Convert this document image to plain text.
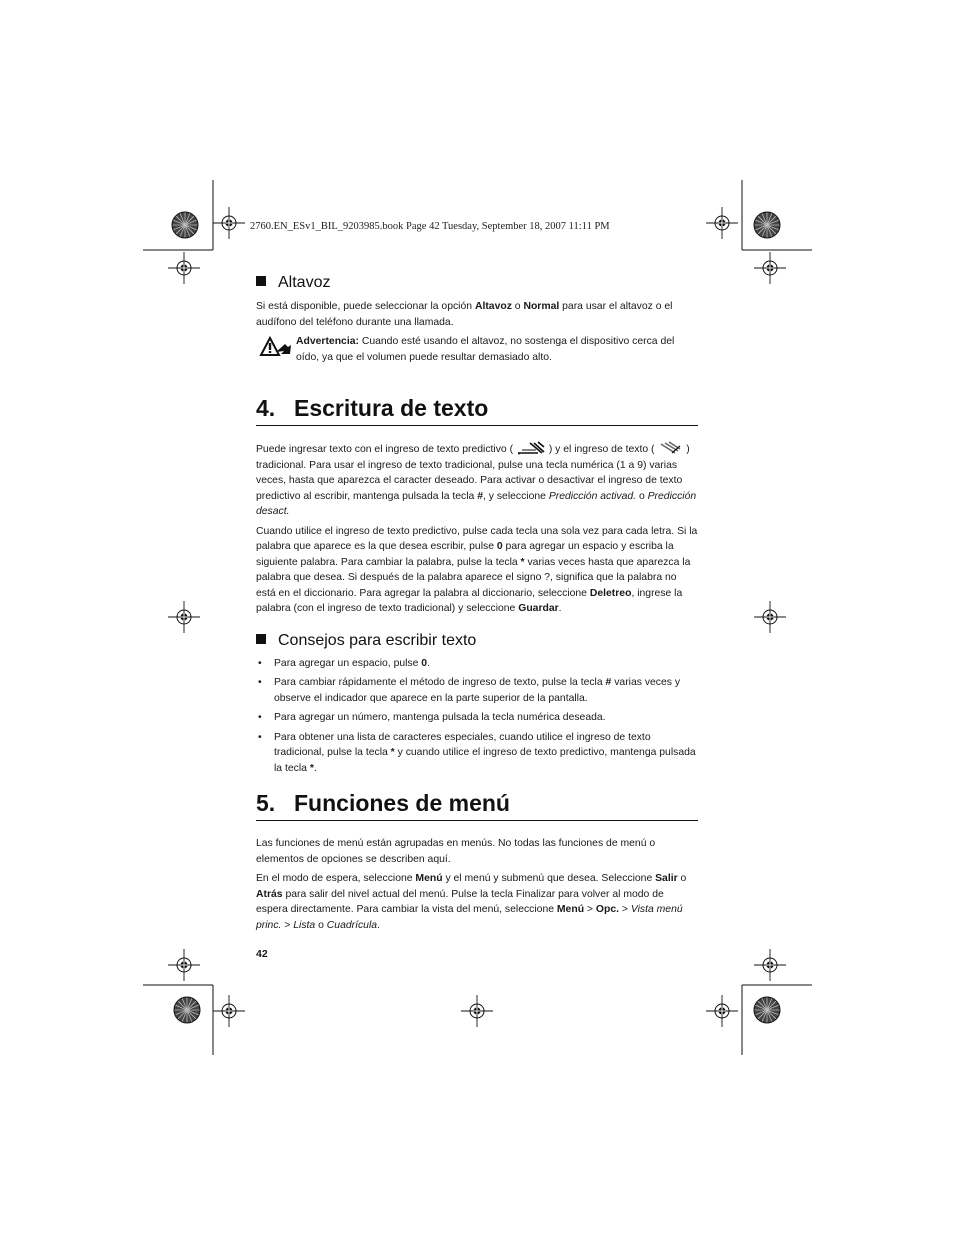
2760.EN_ESv1_BIL_9203985.book Page 42 Tuesday, September 18, 2007 11:11 PM
Altavoz

Si está disponible, puede seleccionar la opción Altavoz o Normal para usar el altavoz o el audífono del teléfono durante una llamada.

Advertencia: Cuando esté usando el altavoz, no sostenga el dispositivo cerca del oído, ya que el volumen puede resultar demasiado alto.

4. Escritura de texto

Puede ingresar texto con el ingreso de texto predictivo (	) y el ingreso de texto (	) tradicional. Para usar el ingreso de texto tradicional, pulse una tecla numérica (1 a 9) varias veces, hasta que aparezca el caracter deseado. Para activar o desactivar el ingreso de texto predictivo al escribir, mantenga pulsada la tecla #, y seleccione Predicción activad. o Predicción desact.

Cuando utilice el ingreso de texto predictivo, pulse cada tecla una sola vez para cada letra. Si la palabra que aparece es la que desea escribir, pulse 0 para agregar un espacio y escriba la siguiente palabra. Para cambiar la palabra, pulse la tecla * varias veces hasta que aparezca la palabra que desea. Si después de la palabra aparece el signo ?, significa que la palabra no está en el diccionario. Para agregar la palabra al diccionario, seleccione Deletreo, ingrese la palabra (con el ingreso de texto tradicional) y seleccione Guardar.

Consejos para escribir texto
• Para agregar un espacio, pulse 0.
• Para cambiar rápidamente el método de ingreso de texto, pulse la tecla # varias veces y observe el indicador que aparece en la parte superior de la pantalla.
• Para agregar un número, mantenga pulsada la tecla numérica deseada.
• Para obtener una lista de caracteres especiales, cuando utilice el ingreso de texto tradicional, pulse la tecla * y cuando utilice el ingreso de texto predictivo, mantenga pulsada la tecla *.
5. Funciones de menú

Las funciones de menú están agrupadas en menús. No todas las funciones de menú o elementos de opciones se describen aquí.

En el modo de espera, seleccione Menú y el menú y submenú que desea. Seleccione Salir o Atrás para salir del nivel actual del menú. Pulse la tecla Finalizar para volver al modo de espera directamente. Para cambiar la vista del menú, seleccione Menú > Opc. > Vista menú princ. > Lista o Cuadrícula.

42
